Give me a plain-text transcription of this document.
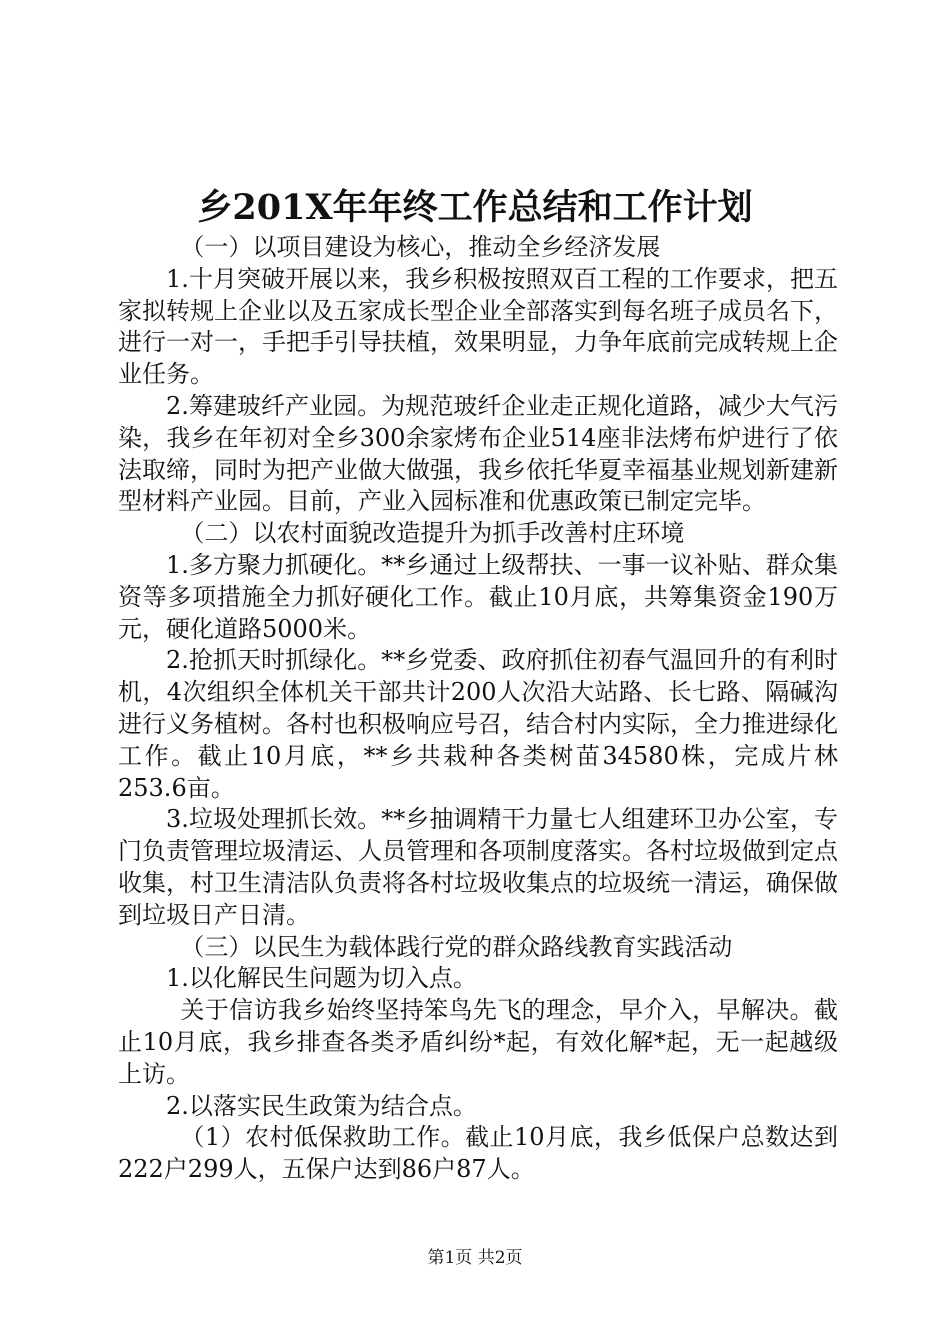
乡201X年年终工作总结和工作计划

（一）以项目建设为核心，推动全乡经济发展

1.十月突破开展以来，我乡积极按照双百工程的工作要求，把五家拟转规上企业以及五家成长型企业全部落实到每名班子成员名下，进行一对一，手把手引导扶植，效果明显，力争年底前完成转规上企业任务。

2.筹建玻纤产业园。为规范玻纤企业走正规化道路，减少大气污染，我乡在年初对全乡300余家烤布企业514座非法烤布炉进行了依法取缔，同时为把产业做大做强，我乡依托华夏幸福基业规划新建新型材料产业园。目前，产业入园标准和优惠政策已制定完毕。

（二）以农村面貌改造提升为抓手改善村庄环境

1.多方聚力抓硬化。**乡通过上级帮扶、一事一议补贴、群众集资等多项措施全力抓好硬化工作。截止10月底，共筹集资金190万元，硬化道路5000米。

2.抢抓天时抓绿化。**乡党委、政府抓住初春气温回升的有利时机，4次组织全体机关干部共计200人次沿大站路、长七路、隔碱沟进行义务植树。各村也积极响应号召，结合村内实际，全力推进绿化工作。截止10月底，**乡共栽种各类树苗34580株，完成片林253.6亩。

3.垃圾处理抓长效。**乡抽调精干力量七人组建环卫办公室，专门负责管理垃圾清运、人员管理和各项制度落实。各村垃圾做到定点收集，村卫生清洁队负责将各村垃圾收集点的垃圾统一清运，确保做到垃圾日产日清。

（三）以民生为载体践行党的群众路线教育实践活动

1.以化解民生问题为切入点。

关于信访我乡始终坚持笨鸟先飞的理念，早介入，早解决。截止10月底，我乡排查各类矛盾纠纷*起，有效化解*起，无一起越级上访。

2.以落实民生政策为结合点。

（1）农村低保救助工作。截止10月底，我乡低保户总数达到222户299人，五保户达到86户87人。

第1页 共2页
